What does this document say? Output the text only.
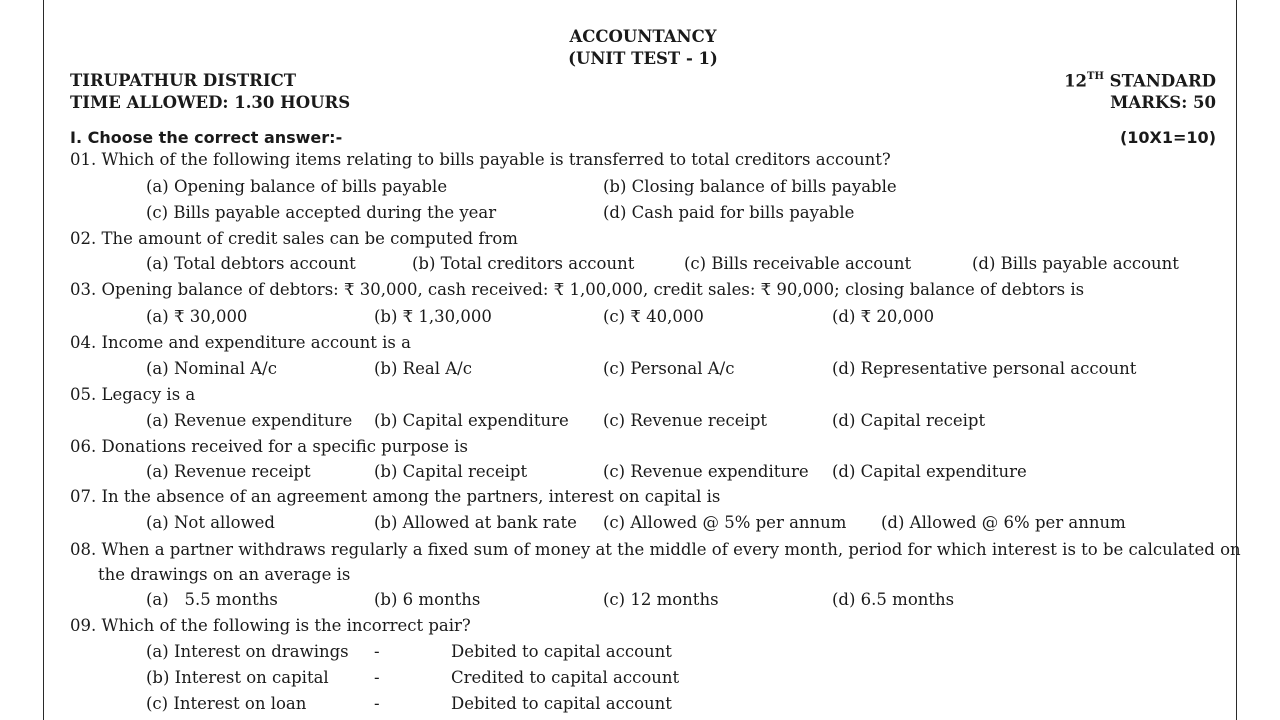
ACCOUNTANCY
(UNIT TEST - 1)
TIRUPATHUR DISTRICT
TIME ALLOWED: 1.30 HOURS
12TH STANDARD
MARKS: 50
I. Choose the correct answer:-	(10X1=10)
01. Which of the following items relating to bills payable is transferred to total creditors account?
(a) Opening balance of bills payable	(b) Closing balance of bills payable
(c) Bills payable accepted during the year	(d) Cash paid for bills payable
02. The amount of credit sales can be computed from
(a) Total debtors account	(b) Total creditors account	(c) Bills receivable account	(d) Bills payable account
03. Opening balance of debtors: ₹ 30,000, cash received: ₹ 1,00,000, credit sales: ₹ 90,000; closing balance of debtors is
(a) ₹ 30,000	(b) ₹ 1,30,000	(c) ₹ 40,000	(d) ₹ 20,000
04. Income and expenditure account is a
(a) Nominal A/c	(b) Real A/c	(c) Personal A/c	(d) Representative personal account
05. Legacy is a
(a) Revenue expenditure (b) Capital expenditure (c) Revenue receipt	(d) Capital receipt
06. Donations received for a specific purpose is
(a) Revenue receipt	(b) Capital receipt	(c) Revenue expenditure (d) Capital expenditure
07. In the absence of an agreement among the partners, interest on capital is
(a) Not allowed	(b) Allowed at bank rate (c) Allowed @ 5% per annum (d) Allowed @ 6% per annum
08. When a partner withdraws regularly a fixed sum of money at the middle of every month, period for which interest is to be calculated on
the drawings on an average is
(a)   5.5 months	(b) 6 months	(c) 12 months	(d) 6.5 months
09. Which of the following is the incorrect pair?
(a) Interest on drawings -	Debited to capital account
(b) Interest on capital	-	Credited to capital account
(c) Interest on loan	-	Debited to capital account
